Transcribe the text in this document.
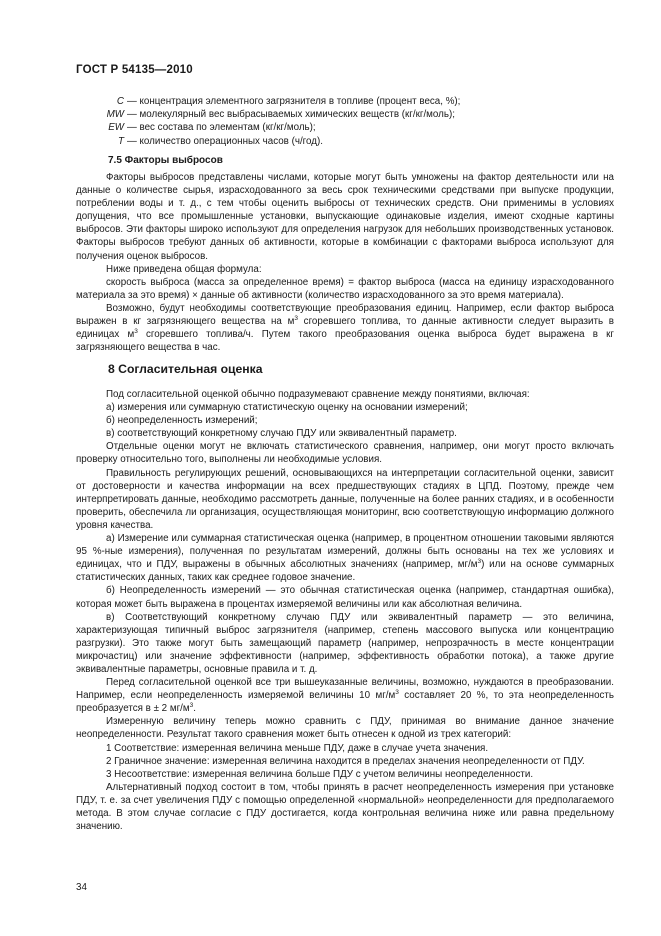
ГОСТ Р 54135—2010
C — концентрация элементного загрязнителя в топливе (процент веса, %);
MW — молекулярный вес выбрасываемых химических веществ (кг/кг/моль);
EW — вес состава по элементам (кг/кг/моль);
T — количество операционных часов (ч/год).
7.5 Факторы выбросов

Факторы выбросов представлены числами, которые могут быть умножены на фактор деятельности или на данные о количестве сырья, израсходованного за весь срок техническими средствами при выпуске продукции, потреблении воды и т. д., с тем чтобы оценить выбросы от технических средств. Они применимы в условиях допущения, что все промышленные установки, выпускающие одинаковые изделия, имеют сходные картины выбросов. Эти факторы широко используют для определения нагрузок для небольших производственных установок. Факторы выбросов требуют данных об активности, которые в комбинации с факторами выброса используют для получения оценок выбросов.

Ниже приведена общая формула:

скорость выброса (масса за определенное время) = фактор выброса (масса на единицу израсходованного материала за это время) × данные об активности (количество израсходованного за это время материала).

Возможно, будут необходимы соответствующие преобразования единиц. Например, если фактор выброса выражен в кг загрязняющего вещества на $м^3$ сгоревшего топлива, то данные активности следует выразить в единицах $м^3$ сгоревшего топлива/ч. Путем такого преобразования оценка выброса будет выражена в кг загрязняющего вещества в час.

8 Согласительная оценка

Под согласительной оценкой обычно подразумевают сравнение между понятиями, включая:

а) измерения или суммарную статистическую оценку на основании измерений;

б) неопределенность измерений;

в) соответствующий конкретному случаю ПДУ или эквивалентный параметр.

Отдельные оценки могут не включать статистического сравнения, например, они могут просто включать проверку относительно того, выполнены ли необходимые условия.

Правильность регулирующих решений, основывающихся на интерпретации согласительной оценки, зависит от достоверности и качества информации на всех предшествующих стадиях в ЦПД. Поэтому, прежде чем интерпретировать данные, необходимо рассмотреть данные, полученные на более ранних стадиях, и в особенности проверить, обеспечила ли организация, осуществляющая мониторинг, всю соответствующую информацию должного уровня качества.

а) Измерение или суммарная статистическая оценка (например, в процентном отношении таковыми являются 95 %-ные измерения), полученная по результатам измерений, должны быть основаны на тех же условиях и единицах, что и ПДУ, выражены в обычных абсолютных значениях (например, $мг/м^3$) или на основе суммарных статистических данных, таких как среднее годовое значение.

б) Неопределенность измерений — это обычная статистическая оценка (например, стандартная ошибка), которая может быть выражена в процентах измеряемой величины или как абсолютная величина.

в) Соответствующий конкретному случаю ПДУ или эквивалентный параметр — это величина, характеризующая типичный выброс загрязнителя (например, степень массового выпуска или концентрацию разгрузки). Это также могут быть замещающий параметр (например, непрозрачность в месте концентрации микрочастиц) или значение эффективности (например, эффективность обработки потока), а также другие эквивалентные параметры, основные правила и т. д.

Перед согласительной оценкой все три вышеуказанные величины, возможно, нуждаются в преобразовании. Например, если неопределенность измеряемой величины 10 $мг/м^3$ составляет 20 %, то эта неопределенность преобразуется в ± 2 $мг/м^3$.

Измеренную величину теперь можно сравнить с ПДУ, принимая во внимание данное значение неопределенности. Результат такого сравнения может быть отнесен к одной из трех категорий:

1 Соответствие: измеренная величина меньше ПДУ, даже в случае учета значения.

2 Граничное значение: измеренная величина находится в пределах значения неопределенности от ПДУ.

3 Несоответствие: измеренная величина больше ПДУ с учетом величины неопределенности.

Альтернативный подход состоит в том, чтобы принять в расчет неопределенность измерения при установке ПДУ, т. е. за счет увеличения ПДУ с помощью определенной «нормальной» неопределенности для предполагаемого метода. В этом случае согласие с ПДУ достигается, когда контрольная величина ниже или равна предельному значению.

34
